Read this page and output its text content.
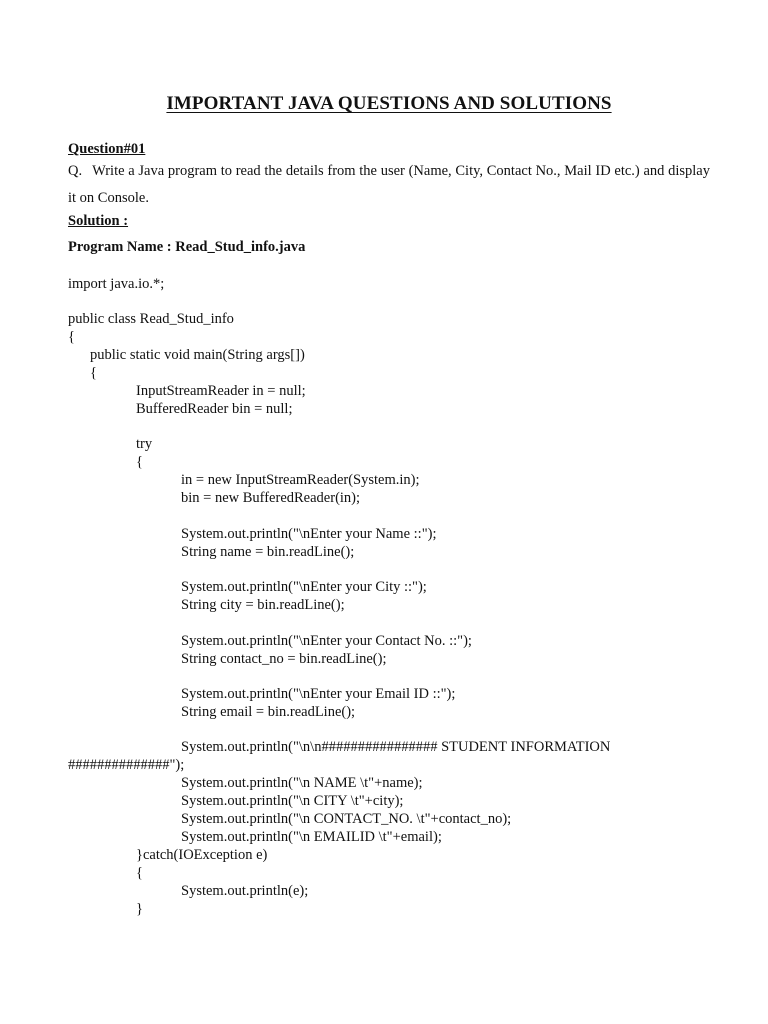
IMPORTANT JAVA QUESTIONS AND SOLUTIONS
Question#01
Q. Write a Java program to read the details from the user (Name, City, Contact No., Mail ID etc.) and display it on Console.
Solution :
Program Name : Read_Stud_info.java
import java.io.*;
public class Read_Stud_info
{
public static void main(String args[])
{
InputStreamReader in = null;
BufferedReader bin = null;
try
{
in = new InputStreamReader(System.in);
bin = new BufferedReader(in);
System.out.println("\nEnter your Name ::");
String name = bin.readLine();
System.out.println("\nEnter your City ::");
String city = bin.readLine();
System.out.println("\nEnter your Contact No. ::");
String contact_no = bin.readLine();
System.out.println("\nEnter your Email ID ::");
String email = bin.readLine();
System.out.println("\n\n################ STUDENT INFORMATION
##############");
System.out.println("\n NAME \t"+name);
System.out.println("\n CITY \t"+city);
System.out.println("\n CONTACT_NO. \t"+contact_no);
System.out.println("\n EMAILID \t"+email);
}catch(IOException e)
{
System.out.println(e);
}
